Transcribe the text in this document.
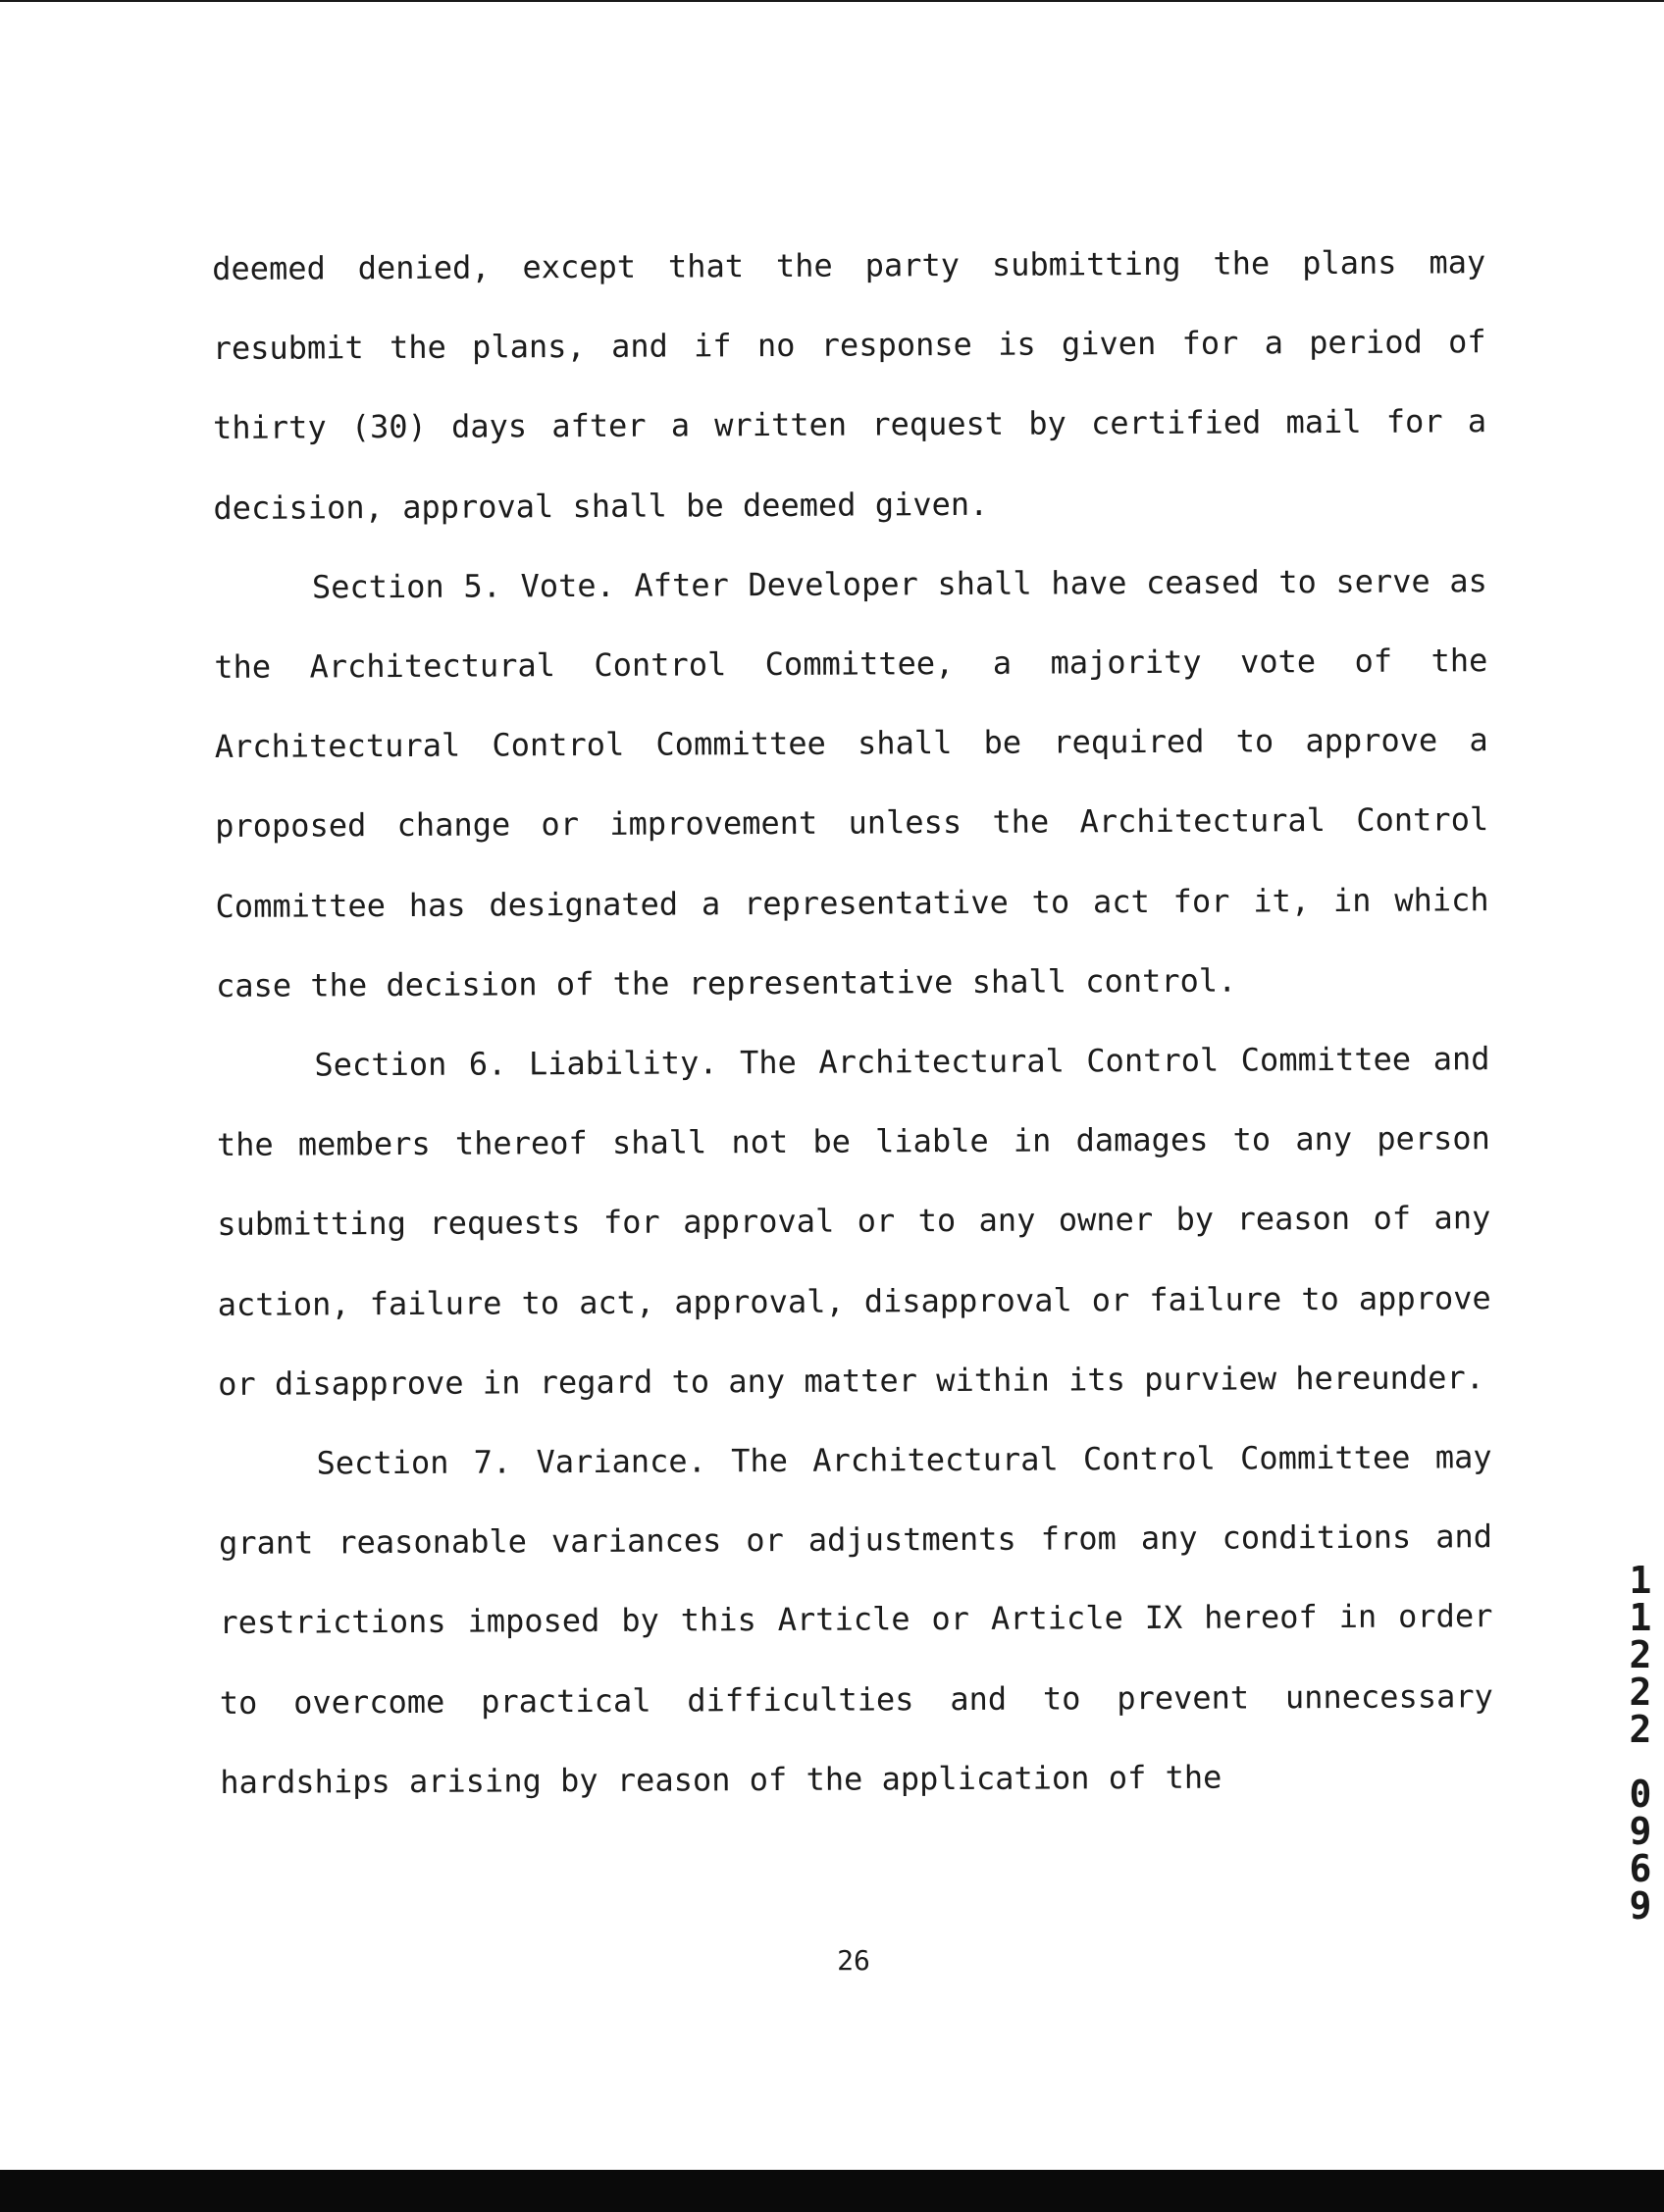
deemed denied, except that the party submitting the plans may resubmit the plans, and if no response is given for a period of thirty (30) days after a written request by certified mail for a decision, approval shall be deemed given.

Section 5. Vote. After Developer shall have ceased to serve as the Architectural Control Committee, a majority vote of the Architectural Control Committee shall be required to approve a proposed change or improvement unless the Architectural Control Committee has designated a representative to act for it, in which case the decision of the representative shall control.

Section 6. Liability. The Architectural Control Committee and the members thereof shall not be liable in damages to any person submitting requests for approval or to any owner by reason of any action, failure to act, approval, disapproval or failure to approve or disapprove in regard to any matter within its purview hereunder.

Section 7. Variance. The Architectural Control Committee may grant reasonable variances or adjustments from any conditions and restrictions imposed by this Article or Article IX hereof in order to overcome practical difficulties and to prevent unnecessary hardships arising by reason of the application of the

26
1
1
2
2
2
0
9
6
9
